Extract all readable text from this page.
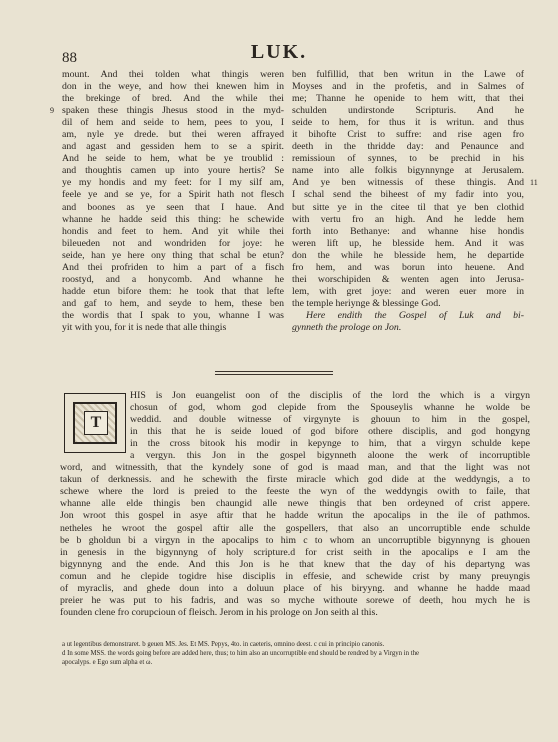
88	LUK.
9
11
mount. And thei tolden what thingis weren
don in the weye, and how thei knewen him in
the brekinge of bred. And the while thei
spaken these thingis Jhesus stood in the myd-
dil of hem and seide to hem, pees to you, I
am, nyle ye drede. but thei weren affrayed
and agast and gessiden hem to se a spirit.
And he seide to hem, what be ye troublid :
and thoughtis camen up into youre hertis? Se
ye my hondis and my feet: for I my silf am,
feele ye and se ye, for a Spirit hath not flesch
and boones as ye seen that I haue. And
whanne he hadde seid this thing: he schewide
hondis and feet to hem. And yit while thei
bileueden not and wondriden for joye: he
seide, han ye here ony thing that schal be etun?
And thei profriden to him a part of a fisch
roostyd, and a honycomb. And whanne he
hadde etun bifore them: he took that that lefte
and gaf to hem, and seyde to hem, these ben
the wordis that I spak to you, whanne I was
yit with you, for it is nede that alle thingis
ben fulfillid, that ben writun in the Lawe of
Moyses and in the profetis, and in Salmes of
me; Thanne he openide to hem witt, that thei
schulden undirstonde Scripturis. And he
seide to hem, for thus it is writun. and thus
it bihofte Crist to suffre: and rise agen fro
deeth in the thridde day: and Penaunce and
remissioun of synnes, to be prechid in his
name into alle folkis bigynnynge at Jerusalem.
And ye ben witnessis of these thingis. And
I schal send the biheest of my fadir into you,
but sitte ye in the citee til that ye ben clothid
with vertu fro an high. And he ledde hem
forth into Bethanye: and whanne hise hondis
weren lift up, he blesside hem. And it was
don the while he blesside hem, he departide
fro hem, and was borun into heuene. And
thei worschipiden & wenten agen into Jerusa-
lem, with gret joye: and weren euer more in
the temple heriynge & blessinge God.
Here endith the Gospel of Luk and bi-
gynneth the prologe on Jon.
HIS is Jon euangelist oon of the disciplis of the lord the which is a virgyn
chosun of god, whom god clepide from the Spouseylis whanne he wolde be
weddid. and double witnesse of virgynyte is ghouun to him in the gospel,
in this that he is seide loued of god bifore othere disciplis, and god hongyng
in the cross bitook his modir in kepynge to him, that a virgyn schulde kepe
a vergyn. this Jon in the gospel bigynneth aloone the werk of incorruptible
word, and witnessith, that the kyndely sone of god is maad man, and that the light was not
takun of derknessis. and he schewith the firste miracle which god dide at the weddyngis, a to
schewe where the lord is preied to the feeste the wyn of the weddyngis owith to faile, that
whanne alle elde thingis ben chaungid alle newe thingis that ben ordeyned of crist appere.
Jon wroot this gospel in asye aftir that he hadde writun the apocalips in the ile of pathmos.
netheles he wroot the gospel aftir alle the gospellers, that also an uncorruptible ende schulde
be b gholdun bi a virgyn in the apocalips to him c to whom an uncorruptible bigynnyng is ghouen
in genesis in the bigynnyng of holy scripture.d for crist seith in the apocalips e I am the
bigynnyng and the ende. And this Jon is he that knew that the day of his departyng was
comun and he clepide togidre hise disciplis in effesie, and schewide crist by many preuyngis
of myraclis, and ghede doun into a doluun place of his biryyng. and whanne he hadde maad
preier he was put to his fadris, and was so myche withoute sorewe of deeth, hou mych he is
founden clene fro corupcioun of fleisch. Jerom in his prologe on Jon seith al this.
T
a ut legentibus demonstraret. b geuen MS. Jes. Et MS. Pepys, 4to. in caeteris, omnino deest. c cui in principio canonis.
d In some MSS. the words going before are added here, thus; to him also an uncorruptible end should be rendred by a Virgyn in the
apocalyps. e Ego sum alpha et ω.
